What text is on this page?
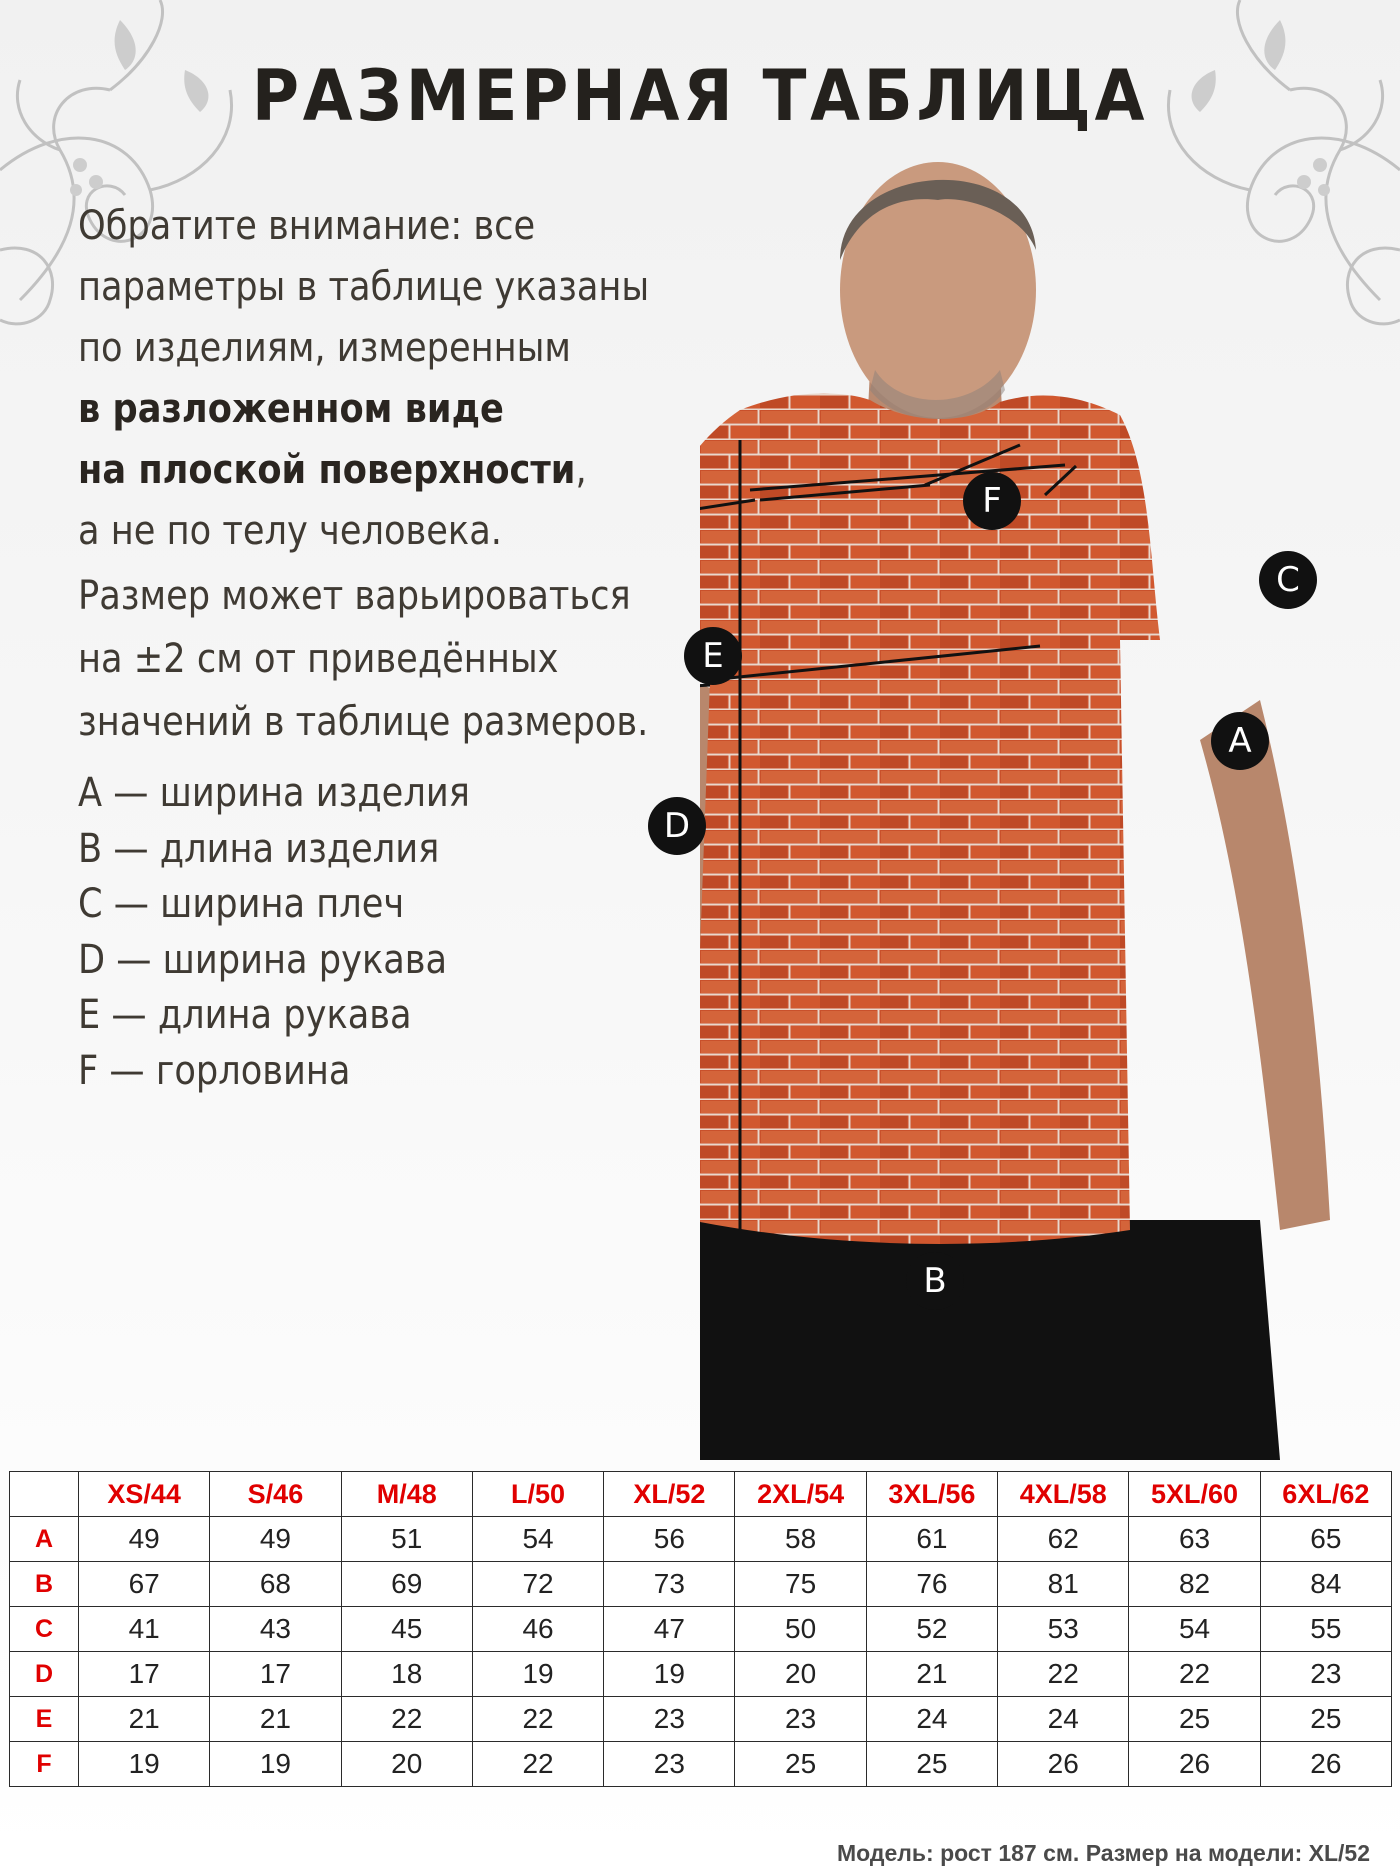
РАЗМЕРНАЯ ТАБЛИЦА
Обратите внимание: все
параметры в таблице указаны
по изделиям, измеренным
в разложенном виде
на плоской поверхности,
а не по телу человека.
Размер может варьироваться
на ±2 см от приведённых
значений в таблице размеров.
A — ширина изделия
B — длина изделия
C — ширина плеч
D — ширина рукава
E — длина рукава
F — горловина
F
C
E
A
D
B
	XS/44	S/46	M/48	L/50	XL/52	2XL/54	3XL/56	4XL/58	5XL/60	6XL/62
A	49	49	51	54	56	58	61	62	63	65
B	67	68	69	72	73	75	76	81	82	84
C	41	43	45	46	47	50	52	53	54	55
D	17	17	18	19	19	20	21	22	22	23
E	21	21	22	22	23	23	24	24	25	25
F	19	19	20	22	23	25	25	26	26	26
Модель: рост 187 см. Размер на модели: XL/52
